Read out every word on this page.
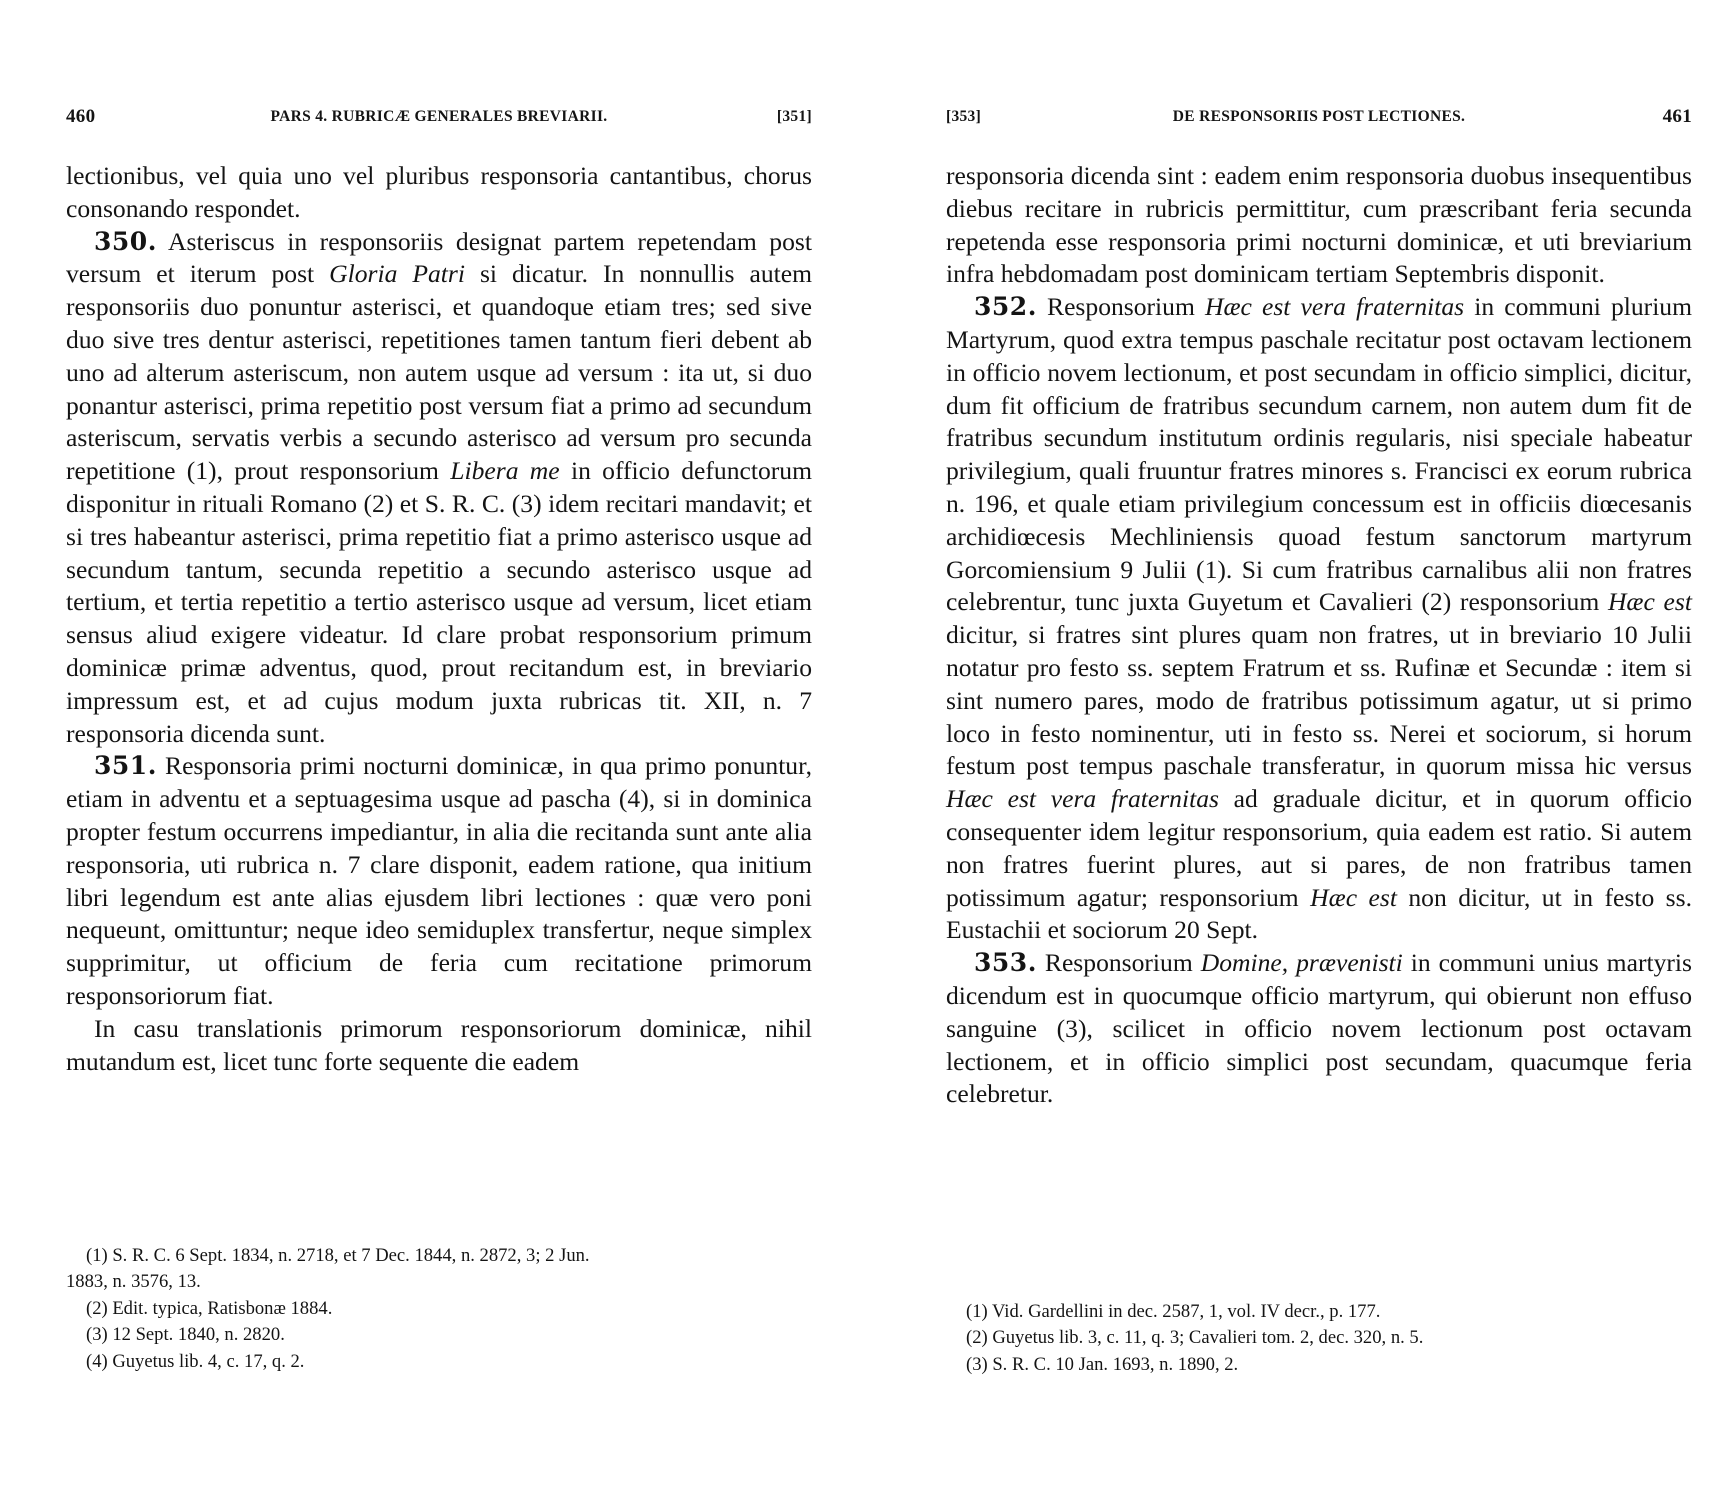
460	PARS 4. RUBRICÆ GENERALES BREVIARII.	[351]

lectionibus, vel quia uno vel pluribus responsoria cantantibus, chorus consonando respondet.

350 . Asteriscus in responsoriis designat partem repetendam post versum et iterum post Gloria Patri si dicatur. In nonnullis autem responsoriis duo ponuntur asterisci, et quandoque etiam tres; sed sive duo sive tres dentur asterisci, repetitiones tamen tantum fieri debent ab uno ad alterum asteriscum, non autem usque ad versum : ita ut, si duo ponantur asterisci, prima repetitio post versum fiat a primo ad secundum asteriscum, servatis verbis a secundo asterisco ad versum pro secunda repetitione (1), prout responsorium Libera me in officio defunctorum disponitur in rituali Romano (2) et S. R. C. (3) idem recitari mandavit; et si tres habeantur asterisci, prima repetitio fiat a primo asterisco usque ad secundum tantum, secunda repetitio a secundo asterisco usque ad tertium, et tertia repetitio a tertio asterisco usque ad versum, licet etiam sensus aliud exigere videatur. Id clare probat responsorium primum dominicæ primæ adventus, quod, prout recitandum est, in breviario impressum est, et ad cujus modum juxta rubricas tit. XII, n. 7 responsoria dicenda sunt.

351 . Responsoria primi nocturni dominicæ, in qua primo ponuntur, etiam in adventu et a septuagesima usque ad pascha (4), si in dominica propter festum occurrens impediantur, in alia die recitanda sunt ante alia responsoria, uti rubrica n. 7 clare disponit, eadem ratione, qua initium libri legendum est ante alias ejusdem libri lectiones : quæ vero poni nequeunt, omittuntur; neque ideo semiduplex transfertur, neque simplex supprimitur, ut officium de feria cum recitatione primorum responsoriorum fiat.

In casu translationis primorum responsoriorum dominicæ, nihil mutandum est, licet tunc forte sequente die eadem

(1) S. R. C. 6 Sept. 1834, n. 2718, et 7 Dec. 1844, n. 2872, 3; 2 Jun.
1883, n. 3576, 13.
(2) Edit. typica, Ratisbonæ 1884.
(3) 12 Sept. 1840, n. 2820.
(4) Guyetus lib. 4, c. 17, q. 2.
[353]	DE RESPONSORIIS POST LECTIONES.	461

responsoria dicenda sint : eadem enim responsoria duobus insequentibus diebus recitare in rubricis permittitur, cum præscribant feria secunda repetenda esse responsoria primi nocturni dominicæ, et uti breviarium infra hebdomadam post dominicam tertiam Septembris disponit.

352 . Responsorium Hæc est vera fraternitas in communi plurium Martyrum, quod extra tempus paschale recitatur post octavam lectionem in officio novem lectionum, et post secundam in officio simplici, dicitur, dum fit officium de fratribus secundum carnem, non autem dum fit de fratribus secundum institutum ordinis regularis, nisi speciale habeatur privilegium, quali fruuntur fratres minores s. Francisci ex eorum rubrica n. 196, et quale etiam privilegium concessum est in officiis diœcesanis archidiœcesis Mechliniensis quoad festum sanctorum martyrum Gorcomiensium 9 Julii (1). Si cum fratribus carnalibus alii non fratres celebrentur, tunc juxta Guyetum et Cavalieri (2) responsorium Hæc est dicitur, si fratres sint plures quam non fratres, ut in breviario 10 Julii notatur pro festo ss. septem Fratrum et ss. Rufinæ et Secundæ : item si sint numero pares, modo de fratribus potissimum agatur, ut si primo loco in festo nominentur, uti in festo ss. Nerei et sociorum, si horum festum post tempus paschale transferatur, in quorum missa hic versus Hæc est vera fraternitas ad graduale dicitur, et in quorum officio consequenter idem legitur responsorium, quia eadem est ratio. Si autem non fratres fuerint plures, aut si pares, de non fratribus tamen potissimum agatur; responsorium Hæc est non dicitur, ut in festo ss. Eustachii et sociorum 20 Sept.

353 . Responsorium Domine, prævenisti in communi unius martyris dicendum est in quocumque officio martyrum, qui obierunt non effuso sanguine (3), scilicet in officio novem lectionum post octavam lectionem, et in officio simplici post secundam, quacumque feria celebretur.

(1) Vid. Gardellini in dec. 2587, 1, vol. IV decr., p. 177.
(2) Guyetus lib. 3, c. 11, q. 3; Cavalieri tom. 2, dec. 320, n. 5.
(3) S. R. C. 10 Jan. 1693, n. 1890, 2.
